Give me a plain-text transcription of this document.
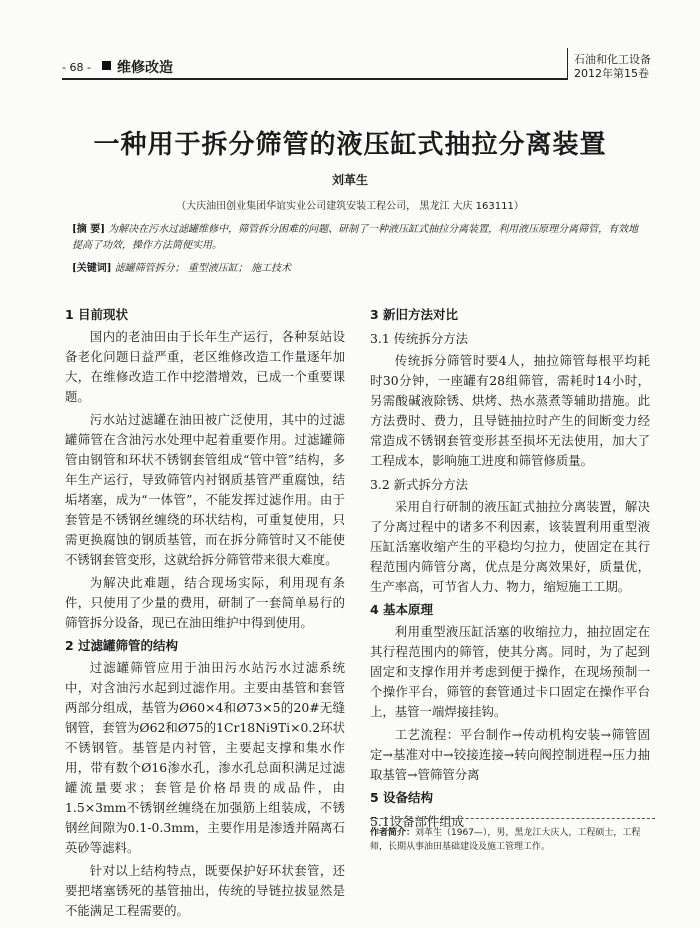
- 68 - 维修改造
石油和化工设备
2012年第15卷
一种用于拆分筛管的液压缸式抽拉分离装置
刘革生
（大庆油田创业集团华谊实业公司建筑安装工程公司， 黑龙江 大庆 163111）
[摘 要] 为解决在污水过滤罐维修中，筛管拆分困难的问题、研制了一种液压缸式抽拉分离装置，利用液压原理分离筛管，有效地提高了功效，操作方法简便实用。
[关键词] 滤罐筛管拆分； 重型液压缸； 施工技术
1 目前现状

国内的老油田由于长年生产运行，各种泵站设备老化问题日益严重，老区维修改造工作量逐年加大，在维修改造工作中挖潜增效，已成一个重要课题。

污水站过滤罐在油田被广泛使用，其中的过滤罐筛管在含油污水处理中起着重要作用。过滤罐筛管由钢管和环状不锈钢套管组成“管中管”结构，多年生产运行，导致筛管内衬钢质基管严重腐蚀，结垢堵塞，成为“一体管”，不能发挥过滤作用。由于套管是不锈钢丝缠绕的环状结构，可重复使用，只需更换腐蚀的钢质基管，而在拆分筛管时又不能使不锈钢套管变形，这就给拆分筛管带来很大难度。

为解决此难题，结合现场实际，利用现有条件，只使用了少量的费用，研制了一套简单易行的筛管拆分设备，现已在油田维护中得到使用。

2 过滤罐筛管的结构

过滤罐筛管应用于油田污水站污水过滤系统中，对含油污水起到过滤作用。主要由基管和套管两部分组成，基管为Ø60×4和Ø73×5的20#无缝钢管，套管为Ø62和Ø75的1Cr18Ni9Ti×0.2环状不锈钢管。基管是内衬管，主要起支撑和集水作用，带有数个Ø16渗水孔，渗水孔总面积满足过滤罐流量要求；套管是价格昂贵的成品件，由1.5×3mm不锈钢丝缠绕在加强筋上组装成，不锈钢丝间隙为0.1-0.3mm，主要作用是渗透并隔离石英砂等滤料。

针对以上结构特点，既要保护好环状套管，还要把堵塞锈死的基管抽出，传统的导链拉拔显然是不能满足工程需要的。

3 新旧方法对比
3.1 传统拆分方法

传统拆分筛管时要4人，抽拉筛管每根平均耗时30分钟，一座罐有28组筛管，需耗时14小时，另需酸碱液除锈、烘烤、热水蒸煮等辅助措施。此方法费时、费力，且导链抽拉时产生的间断变力经常造成不锈钢套管变形甚至损坏无法使用，加大了工程成本，影响施工进度和筛管修质量。

3.2 新式拆分方法

采用自行研制的液压缸式抽拉分离装置，解决了分离过程中的诸多不利因素，该装置利用重型液压缸活塞收缩产生的平稳均匀拉力，使固定在其行程范围内筛管分离，优点是分离效果好，质量优，生产率高，可节省人力、物力，缩短施工工期。

4 基本原理

利用重型液压缸活塞的收缩拉力，抽拉固定在其行程范围内的筛管，使其分离。同时，为了起到固定和支撑作用并考虑到便于操作，在现场预制一个操作平台，筛管的套管通过卡口固定在操作平台上，基管一端焊接挂钩。

工艺流程：平台制作→传动机构安装→筛管固定→基准对中→铰接连接→转向阀控制进程→压力抽取基管→管筛管分离

5 设备结构
5.1设备部件组成
作者简介：刘革生（1967—），男，黑龙江大庆人，工程硕士，工程师，长期从事油田基础建设及施工管理工作。
